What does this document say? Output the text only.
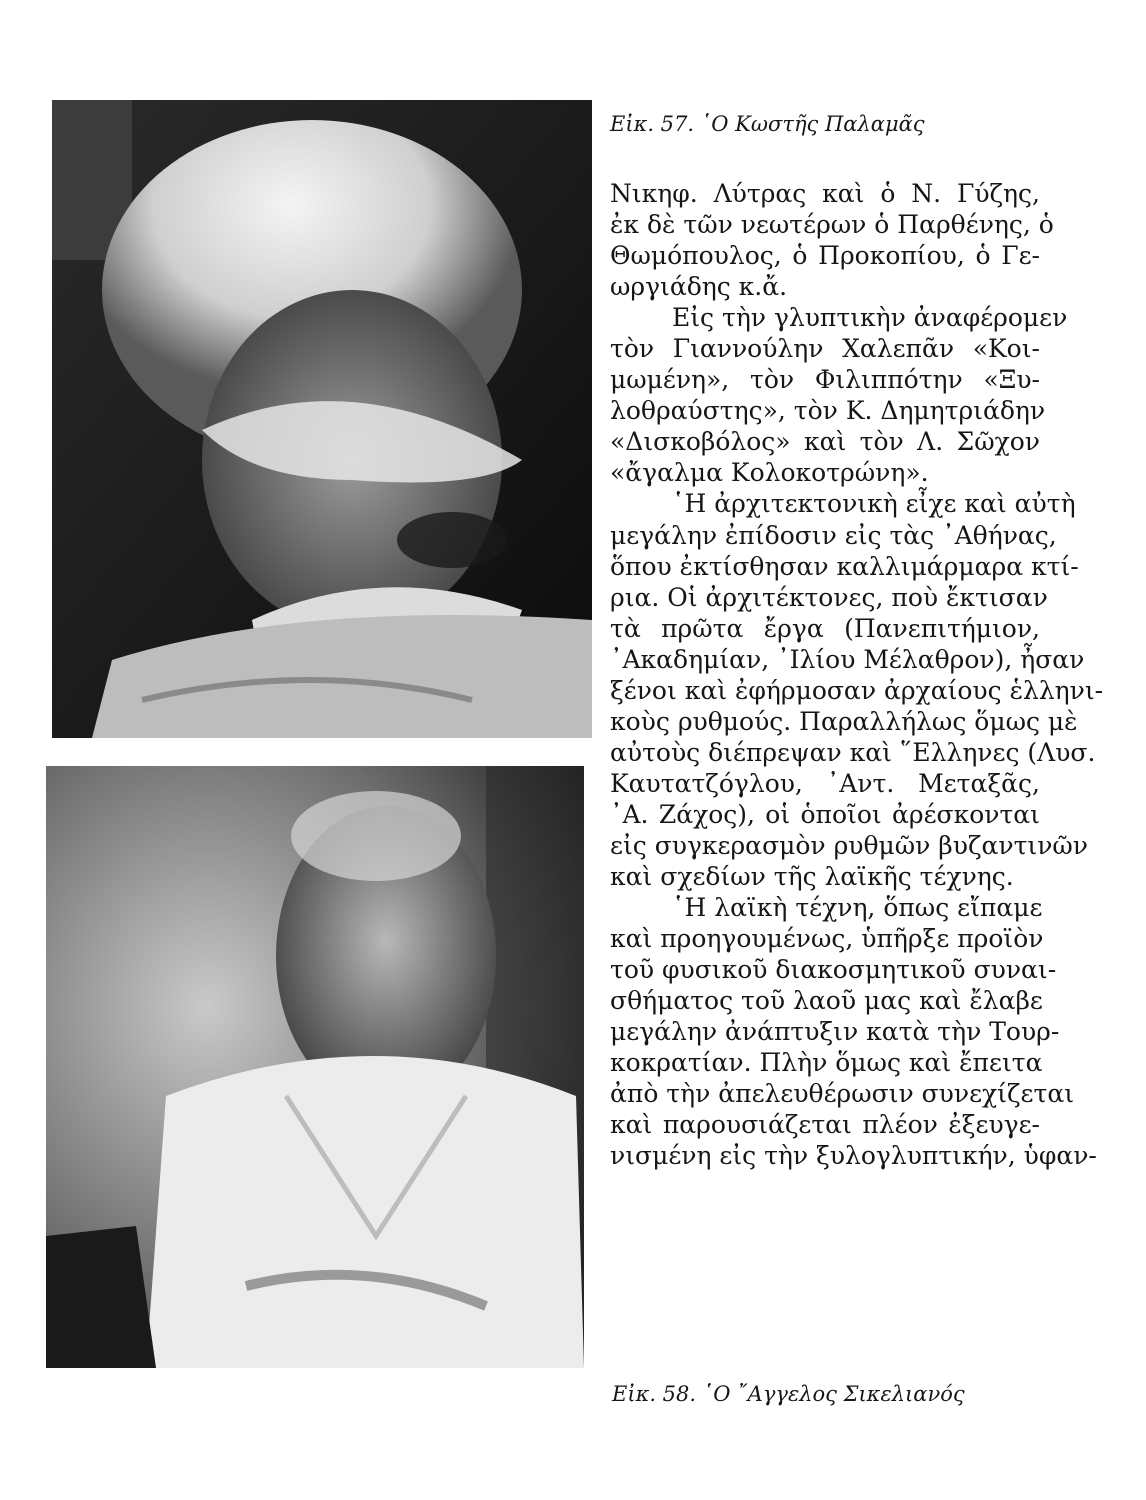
Εἰκ. 57. ῾Ο Κωστῆς Παλαμᾶς
Εἰκ. 58. ῾Ο ῎Αγγελος Σικελιανός
Νικηφ. Λύτρας καὶ ὁ Ν. Γύζης,
ἐκ δὲ τῶν νεωτέρων ὁ Παρθένης, ὁ
Θωμόπουλος, ὁ Προκοπίου, ὁ Γε-
ωργιάδης κ.ἄ.
Εἰς τὴν γλυπτικὴν ἀναφέρομεν
τὸν Γιαννούλην Χαλεπᾶν «Κοι-
μωμένη», τὸν Φιλιππότην «Ξυ-
λοθραύστης», τὸν Κ. Δημητριάδην
«Δισκοβόλος» καὶ τὸν Λ. Σῶχον
«ἄγαλμα Κολοκοτρώνη».
῾Η ἀρχιτεκτονικὴ εἶχε καὶ αὐτὴ
μεγάλην ἐπίδοσιν εἰς τὰς ᾽Αθήνας,
ὅπου ἐκτίσθησαν καλλιμάρμαρα κτί-
ρια. Οἱ ἀρχιτέκτονες, ποὺ ἔκτισαν
τὰ πρῶτα ἔργα (Πανεπιτήμιον,
᾽Ακαδημίαν, ᾽Ιλίου Μέλαθρον), ἦσαν
ξένοι καὶ ἐφήρμοσαν ἀρχαίους ἑλληνι-
κοὺς ρυθμούς. Παραλλήλως ὅμως μὲ
αὐτοὺς διέπρεψαν καὶ ῞Ελληνες (Λυσ.
Καυτατζόγλου, ᾽Αντ. Μεταξᾶς,
᾽Α. Ζάχος), οἱ ὁποῖοι ἀρέσκονται
εἰς συγκερασμὸν ρυθμῶν βυζαντινῶν
καὶ σχεδίων τῆς λαϊκῆς τέχνης.
῾Η λαϊκὴ τέχνη, ὅπως εἴπαμε
καὶ προηγουμένως, ὑπῆρξε προϊὸν
τοῦ φυσικοῦ διακοσμητικοῦ συναι-
σθήματος τοῦ λαοῦ μας καὶ ἔλαβε
μεγάλην ἀνάπτυξιν κατὰ τὴν Τουρ-
κοκρατίαν. Πλὴν ὅμως καὶ ἔπειτα
ἀπὸ τὴν ἀπελευθέρωσιν συνεχίζεται
καὶ παρουσιάζεται πλέον ἐξευγε-
νισμένη εἰς τὴν ξυλογλυπτικήν, ὑφαν-
